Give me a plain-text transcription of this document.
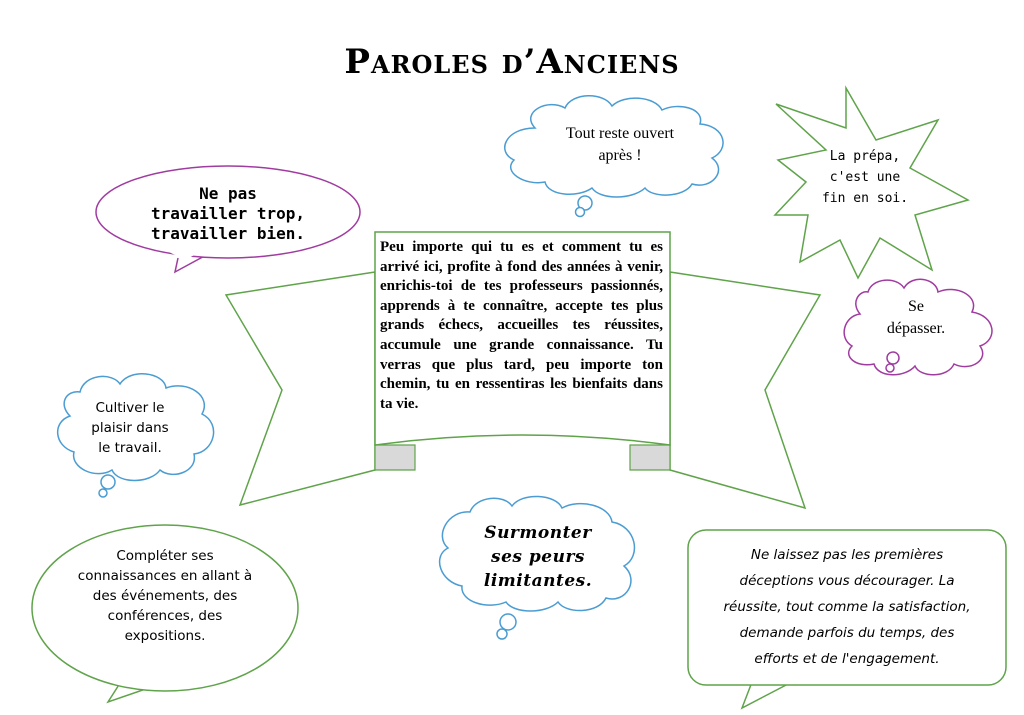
Paroles d’Anciens
Peu importe qui tu es et comment tu es arrivé ici, profite à fond des années à venir, enrichis-toi de tes professeurs passionnés, apprends à te connaître, accepte tes plus grands échecs, accueilles tes réussites, accumule une grande connaissance. Tu verras que plus tard, peu importe ton chemin, tu en ressentiras les bienfaits dans ta vie.
Ne pas
travailler trop,
travailler bien.
Tout reste ouvert
après !	La prépa,
c'est une
fin en soi.
Se
dépasser.
Cultiver le
plaisir dans
le travail.
Surmonter
ses peurs
limitantes.
Compléter ses
connaissances en allant à
des événements, des
conférences, des
expositions.
Ne laissez pas les premières
déceptions vous décourager. La
réussite, tout comme la satisfaction,
demande parfois du temps, des
efforts et de l'engagement.
